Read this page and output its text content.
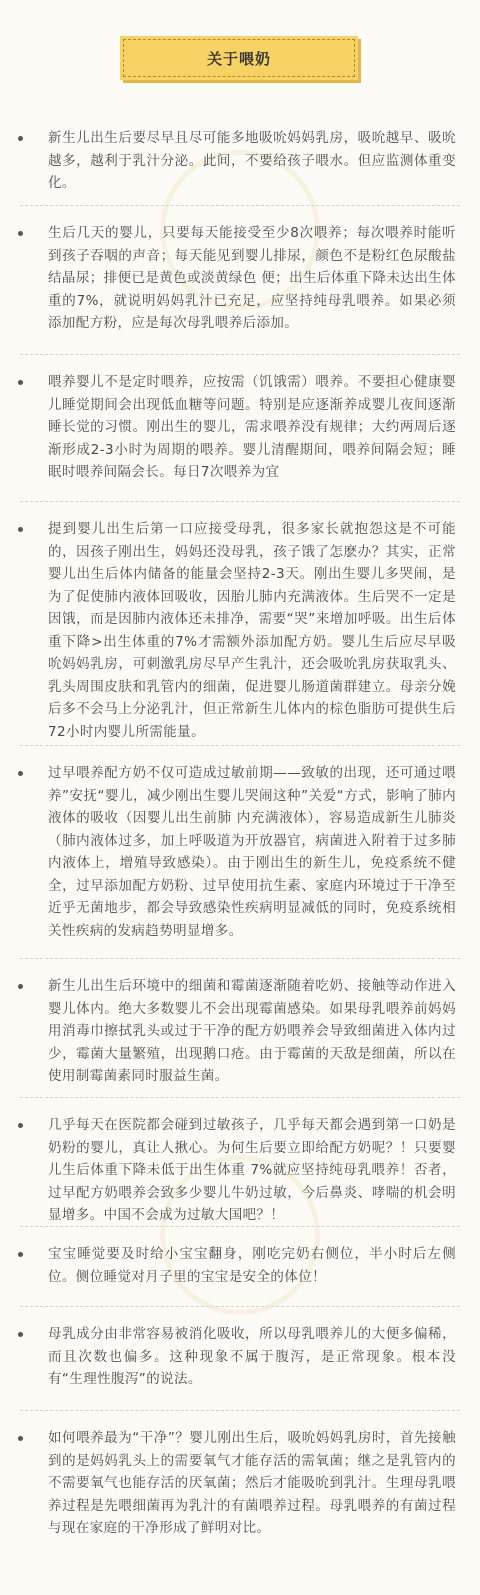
关于喂奶
新生儿出生后要尽早且尽可能多地吸吮妈妈乳房，吸吮越早、吸吮越多，越利于乳汁分泌。此间，不要给孩子喂水。但应监测体重变化。
生后几天的婴儿，只要每天能接受至少8次喂养；每次喂养时能听到孩子吞咽的声音；每天能见到婴儿排尿，颜色不是粉红色尿酸盐结晶尿；排便已是黄色或淡黄绿色 便；出生后体重下降未达出生体重的7%，就说明妈妈乳汁已充足，应坚持纯母乳喂养。如果必须添加配方粉，应是每次母乳喂养后添加。
喂养婴儿不是定时喂养，应按需（饥饿需）喂养。不要担心健康婴儿睡觉期间会出现低血糖等问题。特别是应逐渐养成婴儿夜间逐渐睡长觉的习惯。刚出生的婴儿，需求喂养没有规律；大约两周后逐渐形成2-3小时为周期的喂养。婴儿清醒期间，喂养间隔会短；睡眠时喂养间隔会长。每日7次喂养为宜
提到婴儿出生后第一口应接受母乳，很多家长就抱怨这是不可能的，因孩子刚出生，妈妈还没母乳，孩子饿了怎麽办？其实，正常婴儿出生后体内储备的能量会坚持2-3天。刚出生婴儿多哭闹，是为了促使肺内液体回吸收，因胎儿肺内充满液体。生后哭不一定是因饿，而是因肺内液体还未排净，需要“哭”来增加呼吸。出生后体重下降>出生体重的7%才需额外添加配方奶。婴儿生后应尽早吸吮妈妈乳房，可刺激乳房尽早产生乳汁，还会吸吮乳房获取乳头、乳头周围皮肤和乳管内的细菌，促进婴儿肠道菌群建立。母亲分娩后多不会马上分泌乳汁，但正常新生儿体内的棕色脂肪可提供生后72小时内婴儿所需能量。
过早喂养配方奶不仅可造成过敏前期——致敏的出现，还可通过喂养”安抚“婴儿，减少刚出生婴儿哭闹这种”关爱“方式，影响了肺内液体的吸收（因婴儿出生前肺 内充满液体），容易造成新生儿肺炎（肺内液体过多，加上呼吸道为开放器官，病菌进入附着于过多肺内液体上，增殖导致感染）。由于刚出生的新生儿，免疫系统不健全，过早添加配方奶粉、过早使用抗生素、家庭内环境过于干净至近乎无菌地步，都会导致感染性疾病明显减低的同时，免疫系统相关性疾病的发病趋势明显增多。
新生儿出生后环境中的细菌和霉菌逐渐随着吃奶、接触等动作进入婴儿体内。绝大多数婴儿不会出现霉菌感染。如果母乳喂养前妈妈用消毒巾擦拭乳头或过于干净的配方奶喂养会导致细菌进入体内过少，霉菌大量繁殖，出现鹅口疮。由于霉菌的天敌是细菌，所以在使用制霉菌素同时服益生菌。
几乎每天在医院都会碰到过敏孩子，几乎每天都会遇到第一口奶是奶粉的婴儿，真让人揪心。为何生后要立即给配方奶呢？！只要婴儿生后体重下降未低于出生体重 7%就应坚持纯母乳喂养！否者，过早配方奶喂养会致多少婴儿牛奶过敏，今后鼻炎、哮喘的机会明显增多。中国不会成为过敏大国吧？！
宝宝睡觉要及时给小宝宝翻身，刚吃完奶右侧位，半小时后左侧位。侧位睡觉对月子里的宝宝是安全的体位！
母乳成分由非常容易被消化吸收，所以母乳喂养儿的大便多偏稀，而且次数也偏多。这种现象不属于腹泻，是正常现象。根本没有“生理性腹泻”的说法。
如何喂养最为“干净”？婴儿刚出生后，吸吮妈妈乳房时，首先接触到的是妈妈乳头上的需要氧气才能存活的需氧菌；继之是乳管内的不需要氧气也能存活的厌氧菌；然后才能吸吮到乳汁。生理母乳喂养过程是先喂细菌再为乳汁的有菌喂养过程。母乳喂养的有菌过程与现在家庭的干净形成了鲜明对比。
